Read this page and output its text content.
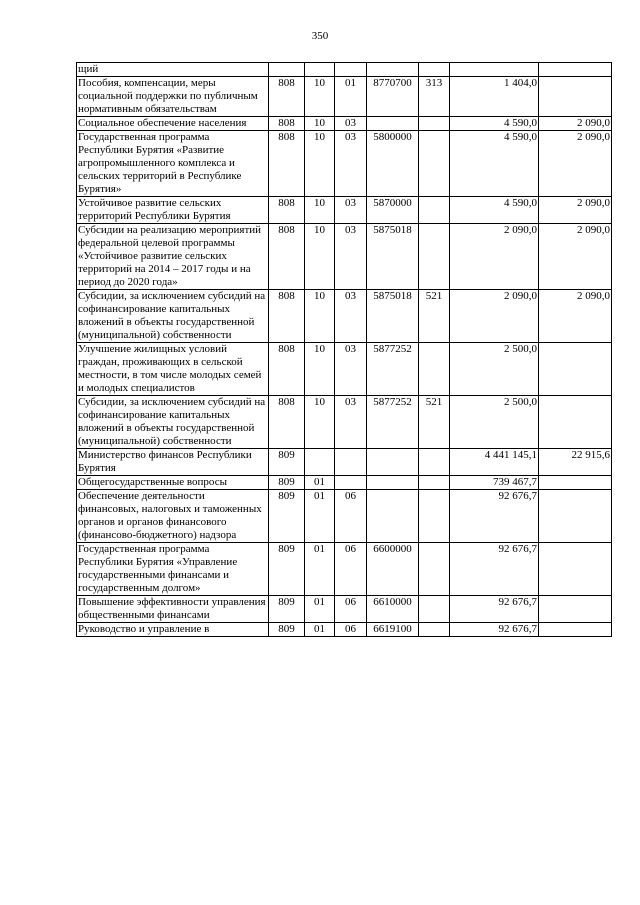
350
щий							
Пособия, компенсации, меры социальной поддержки по публичным нормативным обязательствам	808	10	01	8770700	313	1 404,0	
Социальное обеспечение населения	808	10	03			4 590,0	2 090,0
Государственная программа Республики Бурятия «Развитие агропромышленного комплекса и сельских территорий в Республике Бурятия»	808	10	03	5800000		4 590,0	2 090,0
Устойчивое развитие сельских территорий Республики Бурятия	808	10	03	5870000		4 590,0	2 090,0
Субсидии на реализацию мероприятий федеральной целевой программы «Устойчивое развитие сельских территорий на 2014 – 2017 годы и на период до 2020 года»	808	10	03	5875018		2 090,0	2 090,0
Субсидии, за исключением субсидий на софинансирование капитальных вложений в объекты государственной (муниципальной) собственности	808	10	03	5875018	521	2 090,0	2 090,0
Улучшение жилищных условий граждан, проживающих в сельской местности, в том числе молодых семей и молодых специалистов	808	10	03	5877252		2 500,0	
Субсидии, за исключением субсидий на софинансирование капитальных вложений в объекты государственной (муниципальной) собственности	808	10	03	5877252	521	2 500,0	
Министерство финансов Республики Бурятия	809					4 441 145,1	22 915,6
Общегосударственные вопросы	809	01				739 467,7	
Обеспечение деятельности финансовых, налоговых и таможенных органов и органов финансового (финансово-бюджетного) надзора	809	01	06			92 676,7	
Государственная программа Республики Бурятия «Управление государственными финансами и государственным долгом»	809	01	06	6600000		92 676,7	
Повышение эффективности управления общественными финансами	809	01	06	6610000		92 676,7	
Руководство и управление в	809	01	06	6619100		92 676,7	
